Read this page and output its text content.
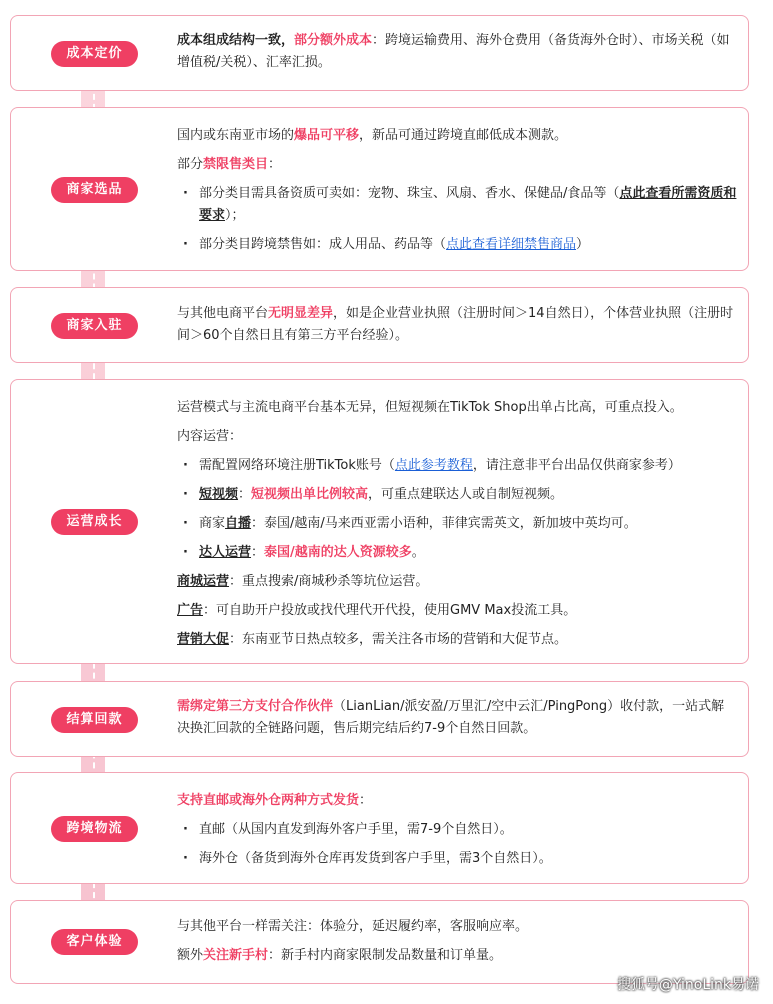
成本定价
成本组成结构一致，部分额外成本：跨境运输费用、海外仓费用（备货海外仓时）、市场关税（如增值税/关税）、汇率汇损。
商家选品
国内或东南亚市场的爆品可平移，新品可通过跨境直邮低成本测款。
部分禁限售类目：
· 部分类目需具备资质可卖如：宠物、珠宝、风扇、香水、保健品/食品等（点此查看所需资质和要求）；
· 部分类目跨境禁售如：成人用品、药品等（点此查看详细禁售商品）
商家入驻
与其他电商平台无明显差异，如是企业营业执照（注册时间＞14自然日），个体营业执照（注册时间＞60个自然日且有第三方平台经验）。
运营成长
运营模式与主流电商平台基本无异，但短视频在TikTok Shop出单占比高，可重点投入。
内容运营：
· 需配置网络环境注册TikTok账号（点此参考教程，请注意非平台出品仅供商家参考）
· 短视频：短视频出单比例较高，可重点建联达人或自制短视频。
· 商家自播：泰国/越南/马来西亚需小语种，菲律宾需英文，新加坡中英均可。
· 达人运营：泰国/越南的达人资源较多。
商城运营：重点搜索/商城秒杀等坑位运营。
广告：可自助开户投放或找代理代开代投，使用GMV Max投流工具。
营销大促：东南亚节日热点较多，需关注各市场的营销和大促节点。
结算回款
需绑定第三方支付合作伙伴（LianLian/派安盈/万里汇/空中云汇/PingPong）收付款，一站式解决换汇回款的全链路问题，售后期完结后约7-9个自然日回款。
跨境物流
支持直邮或海外仓两种方式发货：
· 直邮（从国内直发到海外客户手里，需7-9个自然日）。
· 海外仓（备货到海外仓库再发货到客户手里，需3个自然日）。
客户体验
与其他平台一样需关注：体验分，延迟履约率，客服响应率。
额外关注新手村：新手村内商家限制发品数量和订单量。
搜狐号@YinoLink易诺
